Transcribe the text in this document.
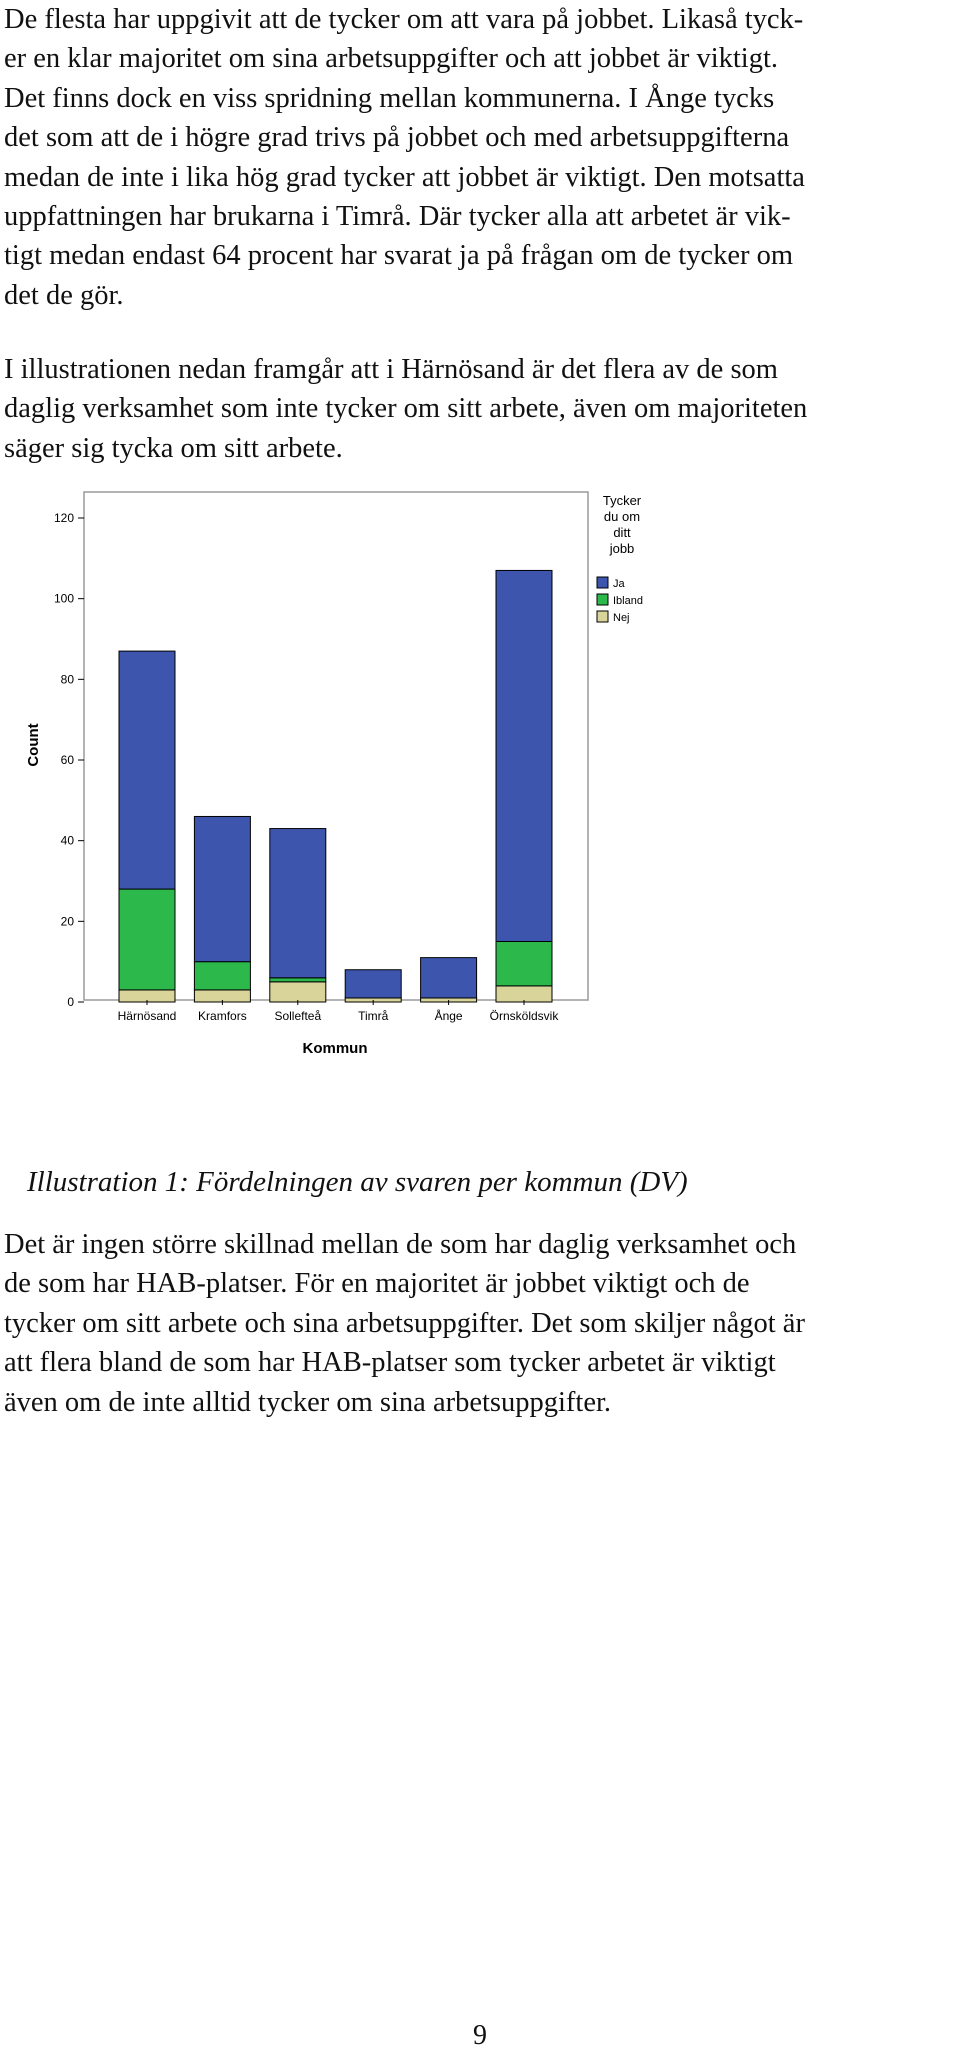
De flesta har uppgivit att de tycker om att vara på jobbet. Likaså tyck-
er en klar majoritet om sina arbetsuppgifter och att jobbet är viktigt.
Det finns dock en viss spridning mellan kommunerna. I Ånge tycks
det som att de i högre grad trivs på jobbet och med arbetsuppgifterna
medan de inte i lika hög grad tycker att jobbet är viktigt. Den motsatta
uppfattningen har brukarna i Timrå. Där tycker alla att arbetet är vik-
tigt medan endast 64 procent har svarat ja på frågan om de tycker om
det de gör.
I illustrationen nedan framgår att i Härnösand är det flera av de som
daglig verksamhet som inte tycker om sitt arbete, även om majoriteten
säger sig tycka om sitt arbete.
0
20
40
60
80
100
120
Härnösand Kramfors Sollefteå	Timrå	Ånge Örnsköldsvik
Kommun
Count
Tycker
du om
ditt
jobb
Ja
Ibland
Nej

Illustration 1: Fördelningen av svaren per kommun (DV)

Det är ingen större skillnad mellan de som har daglig verksamhet och
de som har HAB-platser. För en majoritet är jobbet viktigt och de
tycker om sitt arbete och sina arbetsuppgifter. Det som skiljer något är
att flera bland de som har HAB-platser som tycker arbetet är viktigt
även om de inte alltid tycker om sina arbetsuppgifter.
9
